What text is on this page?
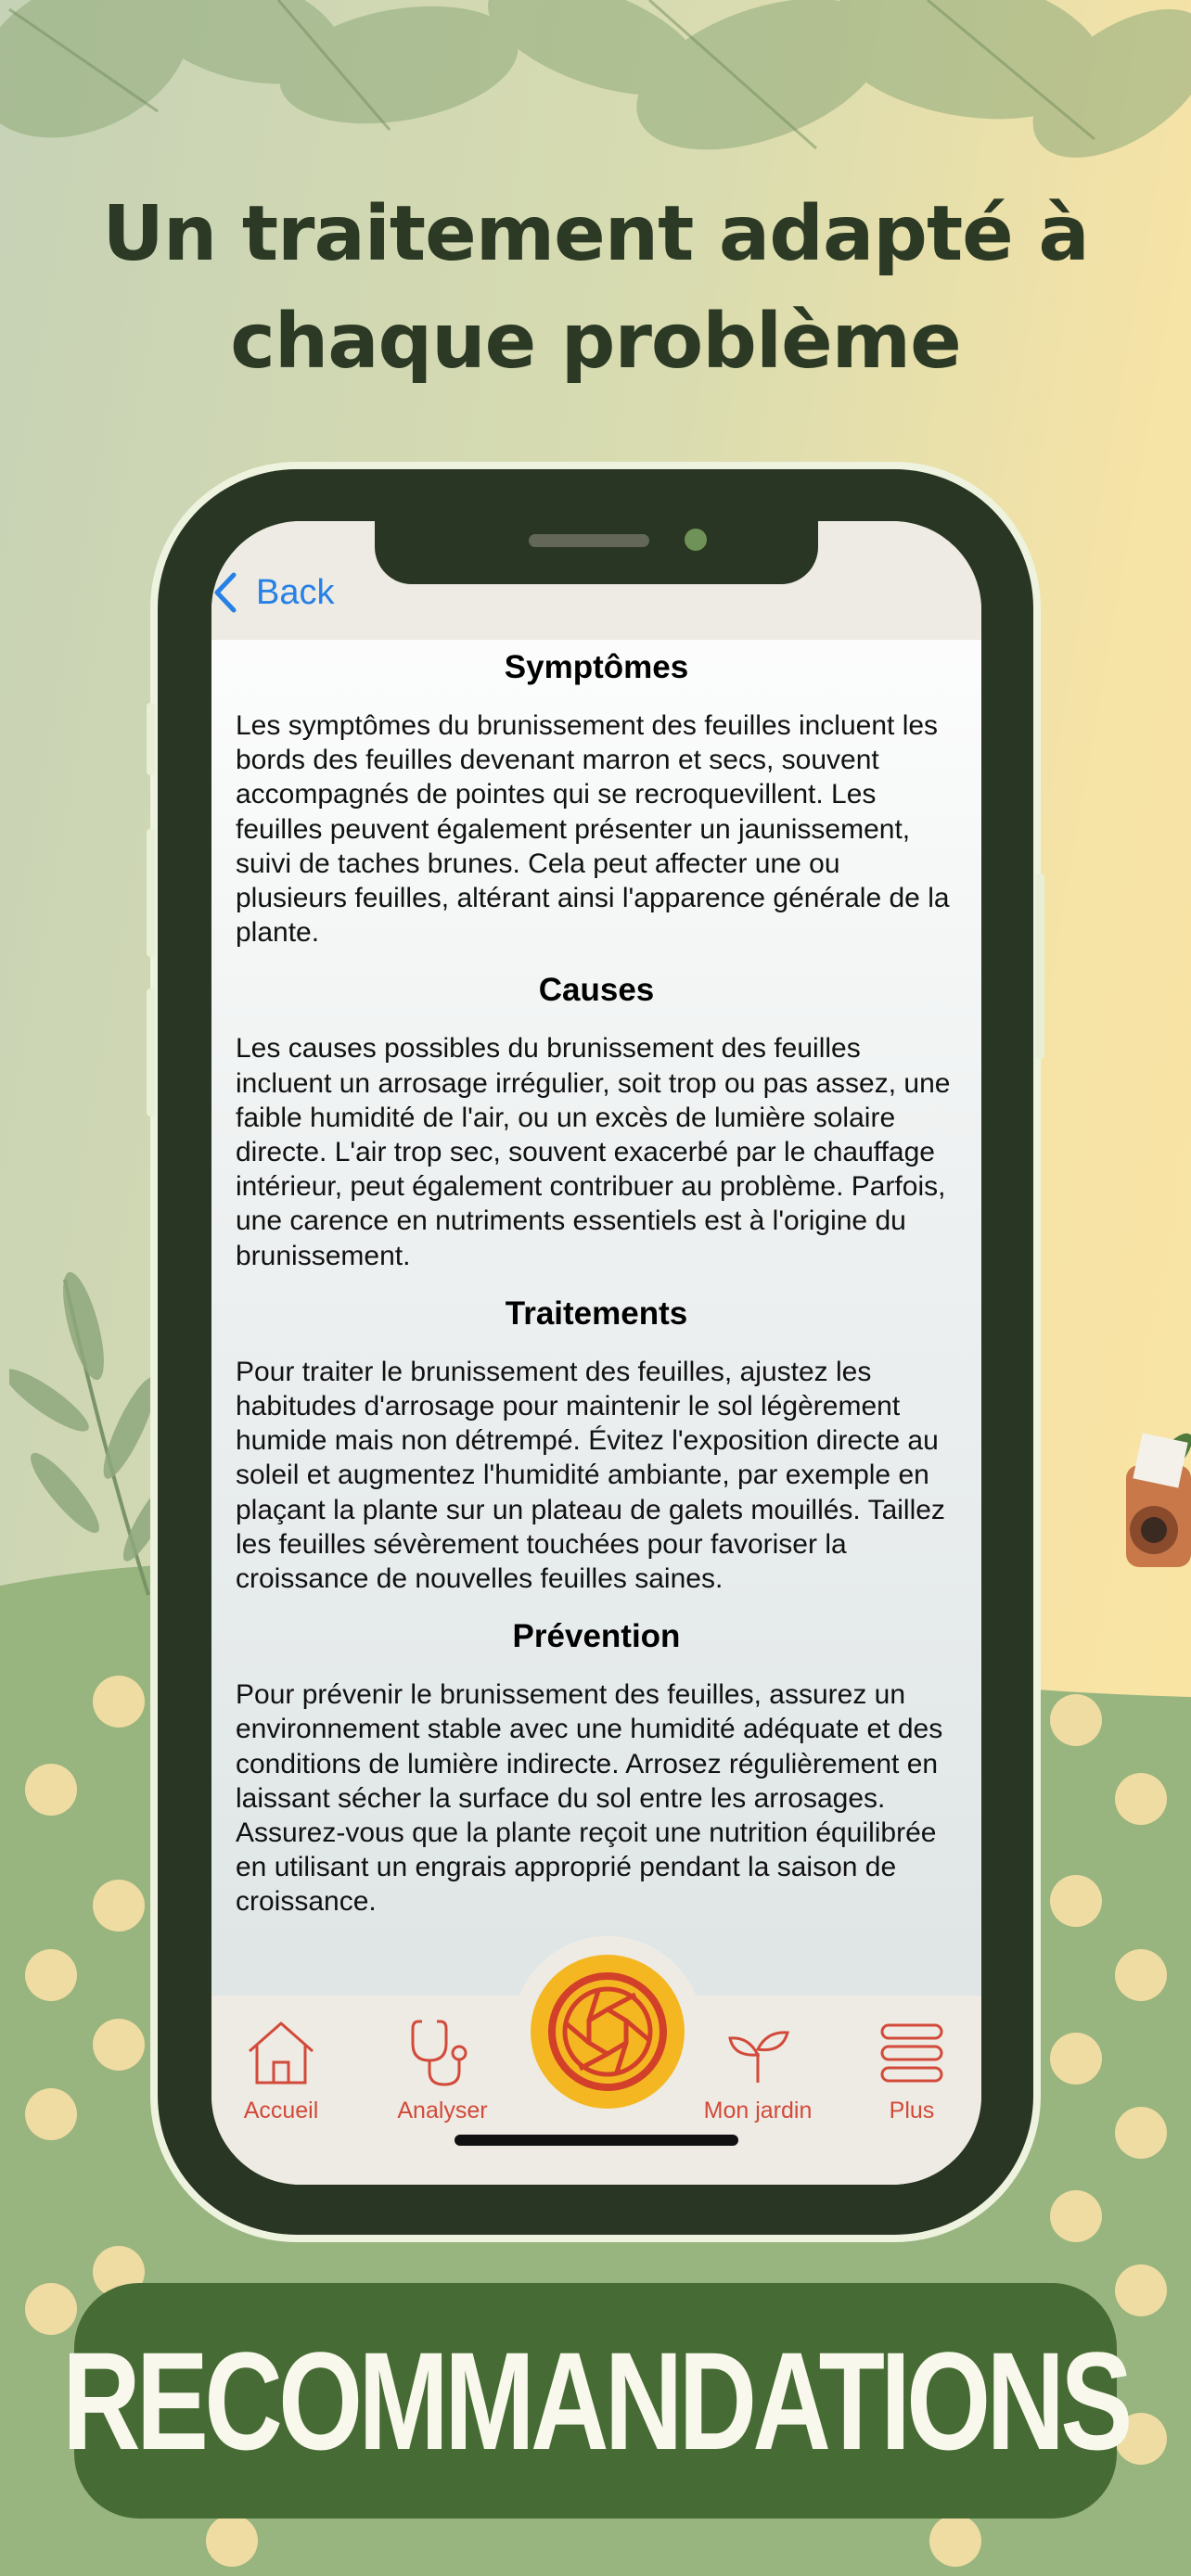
Un traitement adapté à
chaque problème
Back
Symptômes

Les symptômes du brunissement des feuilles incluent les bords des feuilles devenant marron et secs, souvent accompagnés de pointes qui se recroquevillent. Les feuilles peuvent également présenter un jaunissement, suivi de taches brunes. Cela peut affecter une ou plusieurs feuilles, altérant ainsi l'apparence générale de la plante.

Causes

Les causes possibles du brunissement des feuilles incluent un arrosage irrégulier, soit trop ou pas assez, une faible humidité de l'air, ou un excès de lumière solaire directe. L'air trop sec, souvent exacerbé par le chauffage intérieur, peut également contribuer au problème. Parfois, une carence en nutriments essentiels est à l'origine du brunissement.

Traitements

Pour traiter le brunissement des feuilles, ajustez les habitudes d'arrosage pour maintenir le sol légèrement humide mais non détrempé. Évitez l'exposition directe au soleil et augmentez l'humidité ambiante, par exemple en plaçant la plante sur un plateau de galets mouillés. Taillez les feuilles sévèrement touchées pour favoriser la croissance de nouvelles feuilles saines.

Prévention

Pour prévenir le brunissement des feuilles, assurez un environnement stable avec une humidité adéquate et des conditions de lumière indirecte. Arrosez régulièrement en laissant sécher la surface du sol entre les arrosages. Assurez-vous que la plante reçoit une nutrition équilibrée en utilisant un engrais approprié pendant la saison de croissance.

Accueil	Analyser	Mon jardin	Plus
RECOMMANDATIONS
